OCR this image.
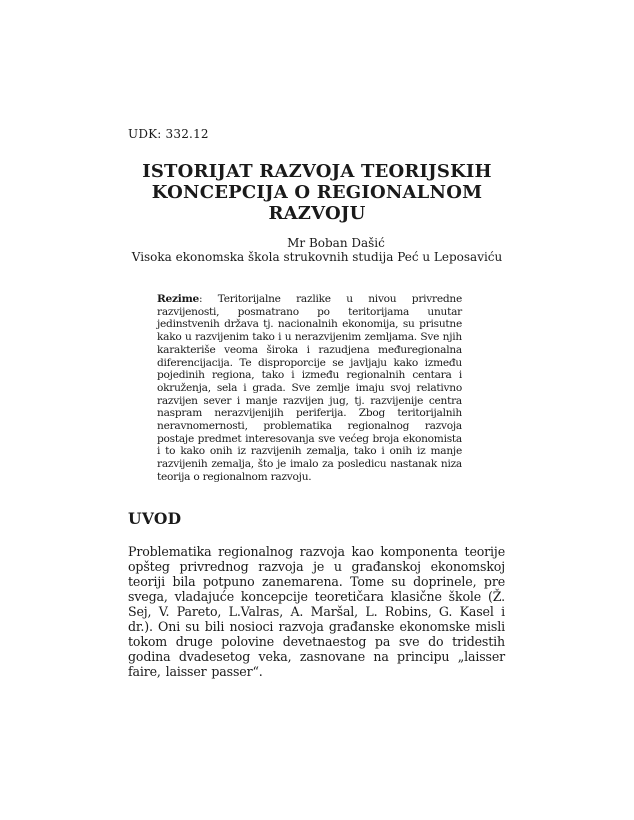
UDK: 332.12
ISTORIJAT RAZVOJA TEORIJSKIH KONCEPCIJA O REGIONALNOM RAZVOJU
Mr Boban Dašić
Visoka ekonomska škola strukovnih studija Peć u Leposaviću

Rezime: Teritorijalne razlike u nivou privredne razvijenosti, posmatrano po teritorijama unutar jedinstvenih država tj. nacionalnih ekonomija, su prisutne kako u razvijenim tako i u nerazvijenim zemljama. Sve njih karakteriše veoma široka i razudjena međuregionalna diferencijacija. Te disproporcije se javljaju kako između pojedinih regiona, tako i između regionalnih centara i okruženja, sela i grada. Sve zemlje imaju svoj relativno razvijen sever i manje razvijen jug, tj. razvijenije centra naspram nerazvijenijih periferija. Zbog teritorijalnih neravnomernosti, problematika regionalnog razvoja postaje predmet interesovanja sve većeg broja ekonomista i to kako onih iz razvijenih zemalja, tako i onih iz manje razvijenih zemalja, što je imalo za posledicu nastanak niza teorija o regionalnom razvoju.

UVOD

Problematika regionalnog razvoja kao komponenta teorije opšteg privrednog razvoja je u građanskoj ekonomskoj teoriji bila potpuno zanemarena. Tome su doprinele, pre svega, vladajuće koncepcije teoretičara klasične škole (Ž. Sej, V. Pareto, L.Valras, A. Maršal, L. Robins, G. Kasel i dr.). Oni su bili nosioci razvoja građanske ekonomske misli tokom druge polovine devetnaestog pa sve do tridestih godina dvadesetog veka, zasnovane na principu „laisser faire, laisser passer“.
